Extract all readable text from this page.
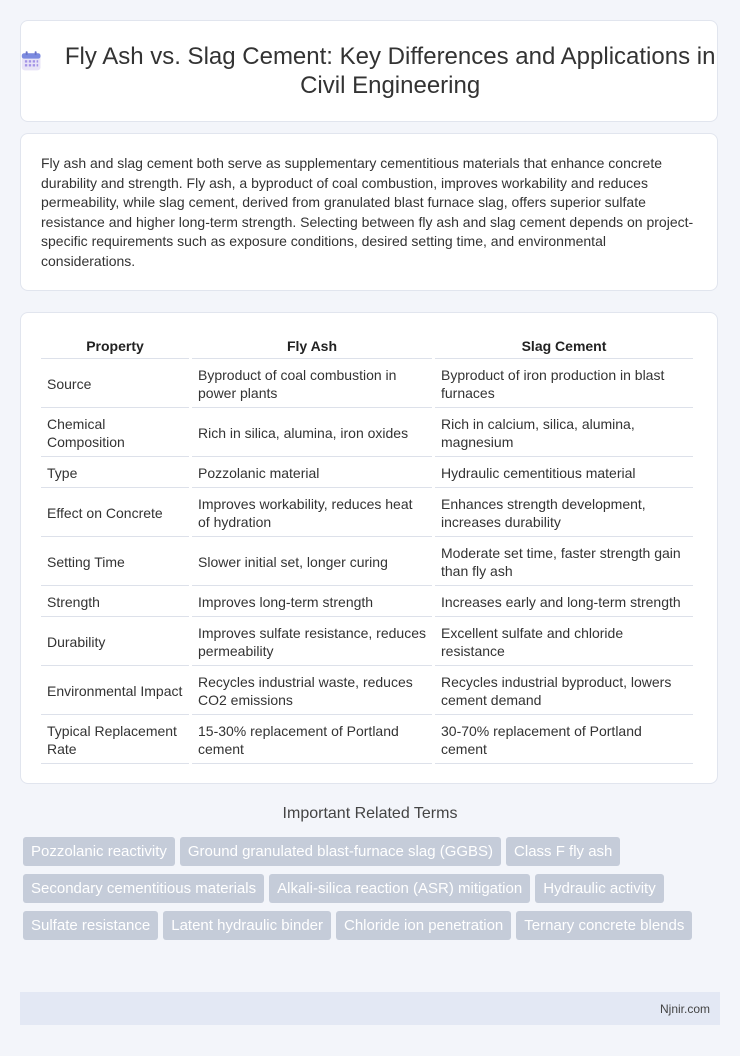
Fly Ash vs. Slag Cement: Key Differences and Applications in Civil Engineering

Fly ash and slag cement both serve as supplementary cementitious materials that enhance concrete durability and strength. Fly ash, a byproduct of coal combustion, improves workability and reduces permeability, while slag cement, derived from granulated blast furnace slag, offers superior sulfate resistance and higher long-term strength. Selecting between fly ash and slag cement depends on project-specific requirements such as exposure conditions, desired setting time, and environmental considerations.

Property	Fly Ash	Slag Cement
Source	Byproduct of coal combustion in power plants	Byproduct of iron production in blast furnaces
Chemical Composition	Rich in silica, alumina, iron oxides	Rich in calcium, silica, alumina, magnesium
Type	Pozzolanic material	Hydraulic cementitious material
Effect on Concrete	Improves workability, reduces heat of hydration	Enhances strength development, increases durability
Setting Time	Slower initial set, longer curing	Moderate set time, faster strength gain than fly ash
Strength	Improves long-term strength	Increases early and long-term strength
Durability	Improves sulfate resistance, reduces permeability	Excellent sulfate and chloride resistance
Environmental Impact	Recycles industrial waste, reduces CO2 emissions	Recycles industrial byproduct, lowers cement demand
Typical Replacement Rate	15-30% replacement of Portland cement	30-70% replacement of Portland cement
Important Related Terms
Pozzolanic reactivity Ground granulated blast-furnace slag (GGBS) Class F fly ashSecondary cementitious materials Alkali-silica reaction (ASR) mitigation Hydraulic activitySulfate resistance Latent hydraulic binder Chloride ion penetration Ternary concrete blends
Njnir.com
